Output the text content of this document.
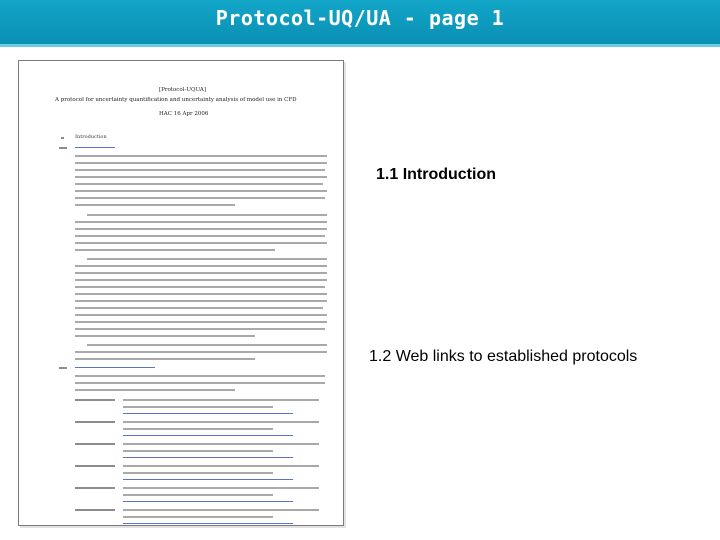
Protocol-UQ/UA - page 1
[Protocol-UQUA]
A protocol for uncertainty quantification and uncertainty analysis of model use in CFD
HAC 16 Apr 2006
Introduction
1.1 Introduction
1.2 Web links to established protocols
